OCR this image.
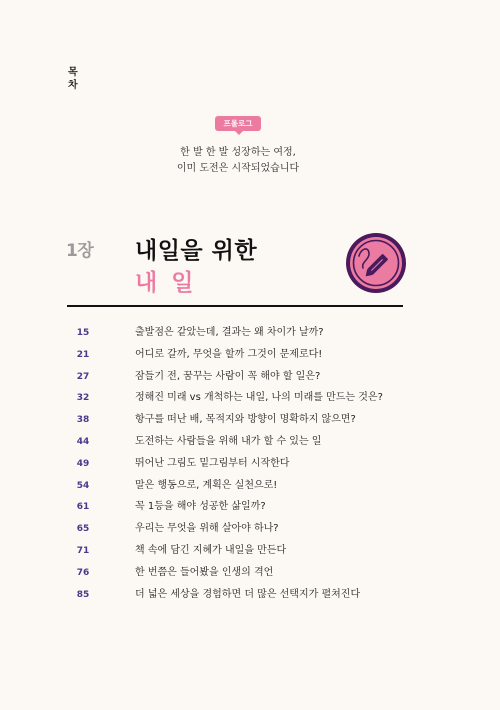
목
차
프롤로그
한 발 한 발 성장하는 여정,
이미 도전은 시작되었습니다
1장 내일을 위한
내 일
15	출발점은 같았는데, 결과는 왜 차이가 날까?
21	어디로 갈까, 무엇을 할까 그것이 문제로다!
27	잠들기 전, 꿈꾸는 사람이 꼭 해야 할 일은?
32	정해진 미래 vs 개척하는 내일, 나의 미래를 만드는 것은?
38	항구를 떠난 배, 목적지와 방향이 명확하지 않으면?
44	도전하는 사람들을 위해 내가 할 수 있는 일
49	뛰어난 그림도 밑그림부터 시작한다
54	말은 행동으로, 계획은 실천으로!
61	꼭 1등을 해야 성공한 삶일까?
65	우리는 무엇을 위해 살아야 하나?
71	책 속에 담긴 지혜가 내일을 만든다
76	한 번쯤은 들어봤을 인생의 격언
85	더 넓은 세상을 경험하면 더 많은 선택지가 펼쳐진다
